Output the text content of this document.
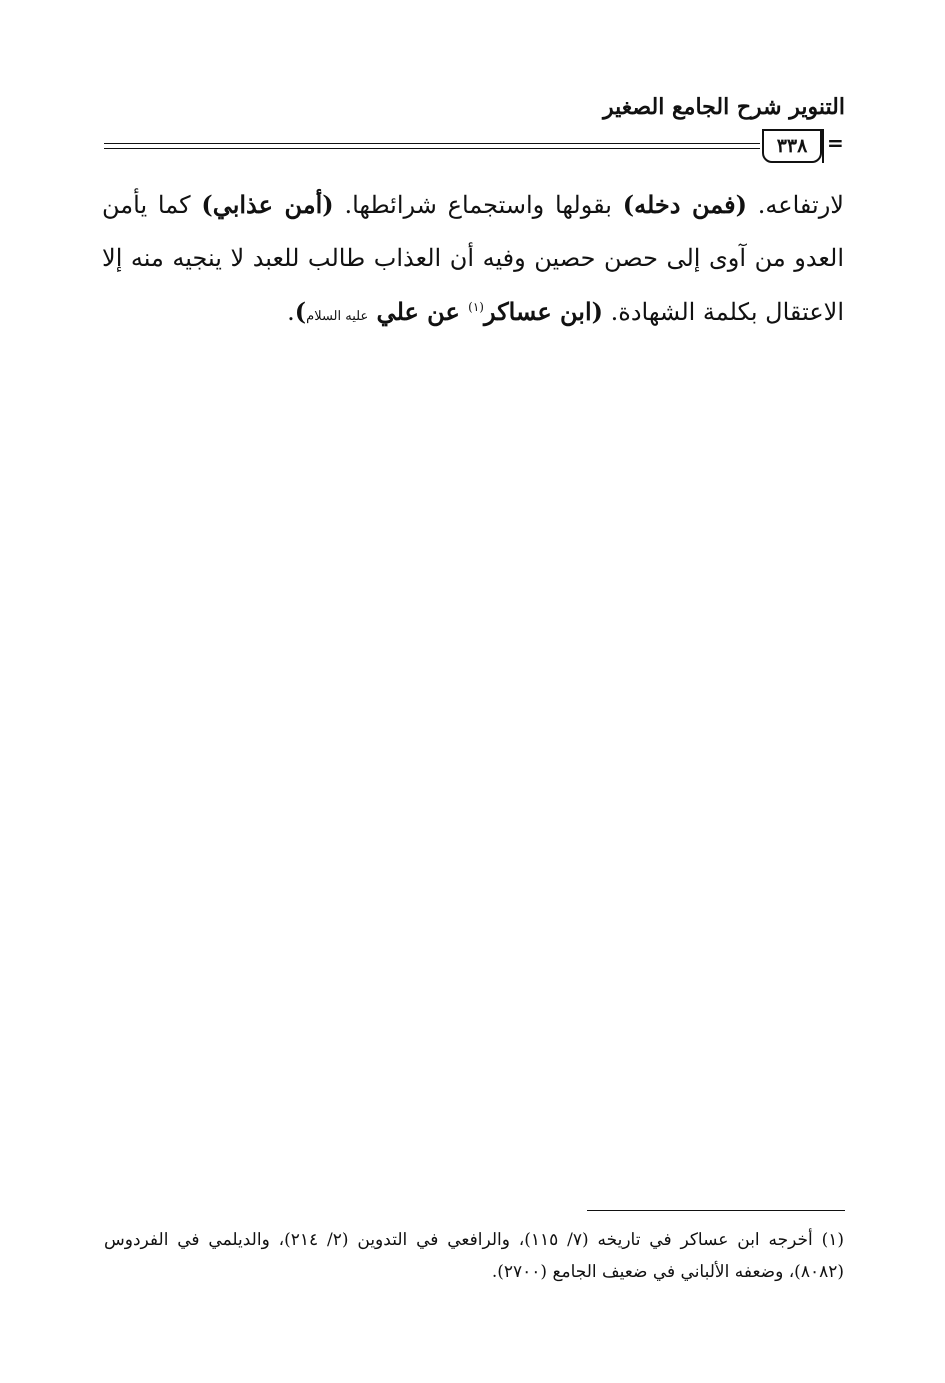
التنوير شرح الجامع الصغير
٣٣٨ =
لارتفاعه. (فمن دخله) بقولها واستجماع شرائطها. (أمن عذابي) كما يأمن العدو من آوى إلى حصن حصين وفيه أن العذاب طالب للعبد لا ينجيه منه إلا الاعتقال بكلمة الشهادة. (ابن عساكر$^{(١)}$ عن علي عليه السلام).
(١) أخرجه ابن عساكر في تاريخه (٧/ ١١٥)، والرافعي في التدوين (٢/ ٢١٤)، والديلمي في الفردوس (٨٠٨٢)، وضعفه الألباني في ضعيف الجامع (٢٧٠٠).
